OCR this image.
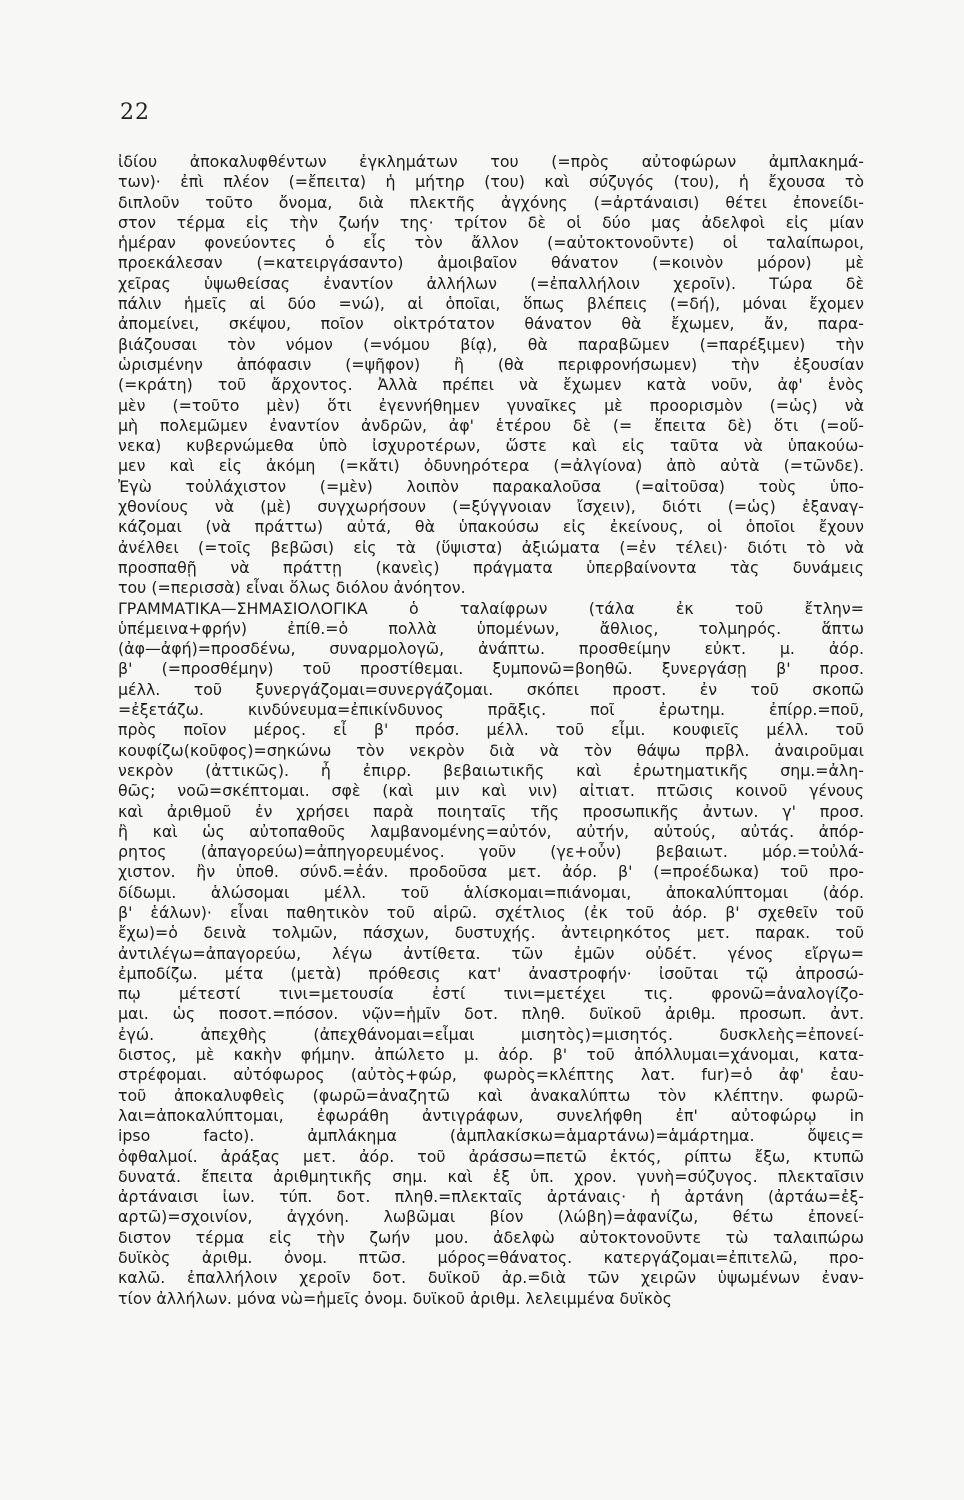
22
ἰδίου ἀποκαλυφθέντων ἐγκλημάτων του (=πρὸς αὐτοφώρων ἀμπλακημά-
των)· ἐπὶ πλέον (=ἔπειτα) ἡ μήτηρ (του) καὶ σύζυγός (του), ἡ ἔχουσα τὸ
διπλοῦν τοῦτο ὄνομα, διὰ πλεκτῆς ἀγχόνης (=ἀρτάναισι) θέτει ἐπονείδι-
στον τέρμα εἰς τὴν ζωήν της· τρίτον δὲ οἱ δύο μας ἀδελφοὶ εἰς μίαν
ἡμέραν φονεύοντες ὁ εἷς τὸν ἄλλον (=αὐτοκτονοῦντε) οἱ ταλαίπωροι,
προεκάλεσαν (=κατειργάσαντο) ἀμοιβαῖον θάνατον (=κοινὸν μόρον) μὲ
χεῖρας ὑψωθείσας ἐναντίον ἀλλήλων (=ἐπαλλήλοιν χεροῖν). Τώρα δὲ
πάλιν ἡμεῖς αἱ δύο =νώ), αἱ ὁποῖαι, ὅπως βλέπεις (=δή), μόναι ἔχομεν
ἀπομείνει, σκέψου, ποῖον οἰκτρότατον θάνατον θὰ ἔχωμεν, ἄν, παρα-
βιάζουσαι τὸν νόμον (=νόμου βίᾳ), θὰ παραβῶμεν (=παρέξιμεν) τὴν
ὡρισμένην ἀπόφασιν (=ψῆφον) ἢ (θὰ περιφρονήσωμεν) τὴν ἐξουσίαν
(=κράτη) τοῦ ἄρχοντος. Ἀλλὰ πρέπει νὰ ἔχωμεν κατὰ νοῦν, ἀφ' ἑνὸς
μὲν (=τοῦτο μὲν) ὅτι ἐγεννήθημεν γυναῖκες μὲ προορισμὸν (=ὡς) νὰ
μὴ πολεμῶμεν ἐναντίον ἀνδρῶν, ἀφ' ἑτέρου δὲ (= ἔπειτα δὲ) ὅτι (=οὕ-
νεκα) κυβερνώμεθα ὑπὸ ἰσχυροτέρων, ὥστε καὶ εἰς ταῦτα νὰ ὑπακούω-
μεν καὶ εἰς ἀκόμη (=κἄτι) ὀδυνηρότερα (=ἀλγίονα) ἀπὸ αὐτὰ (=τῶνδε).
Ἐγὼ τοὐλάχιστον (=μὲν) λοιπὸν παρακαλοῦσα (=αἰτοῦσα) τοὺς ὑπο-
χθονίους νὰ (μὲ) συγχωρήσουν (=ξύγγνοιαν ἴσχειν), διότι (=ὡς) ἐξαναγ-
κάζομαι (νὰ πράττω) αὐτά, θὰ ὑπακούσω εἰς ἐκείνους, οἱ ὁποῖοι ἔχουν
ἀνέλθει (=τοῖς βεβῶσι) εἰς τὰ (ὕψιστα) ἀξιώματα (=ἐν τέλει)· διότι τὸ νὰ
προσπαθῇ νὰ πράττῃ (κανεὶς) πράγματα ὑπερβαίνοντα τὰς δυνάμεις
του (=περισσὰ) εἶναι ὅλως διόλου ἀνόητον.
ΓΡΑΜΜΑΤΙΚΑ—ΣΗΜΑΣΙΟΛΟΓΙΚΑ ὁ ταλαίφρων (τάλα ἐκ τοῦ ἔτλην=
ὑπέμεινα+φρήν) ἐπίθ.=ὁ πολλὰ ὑπομένων, ἄθλιος, τολμηρός. ἅπτω
(ἀφ—ἀφή)=προσδένω, συναρμολογῶ, ἀνάπτω. προσθείμην εὐκτ. μ. ἀόρ.
β' (=προσθέμην) τοῦ προστίθεμαι. ξυμπονῶ=βοηθῶ. ξυνεργάσῃ β' προσ.
μέλλ. τοῦ ξυνεργάζομαι=συνεργάζομαι. σκόπει προστ. ἐν τοῦ σκοπῶ
=ἐξετάζω. κινδύνευμα=ἐπικίνδυνος πρᾶξις. ποῖ ἐρωτημ. ἐπίρρ.=ποῦ,
πρὸς ποῖον μέρος. εἶ β' πρόσ. μέλλ. τοῦ εἶμι. κουφιεῖς μέλλ. τοῦ
κουφίζω(κοῦφος)=σηκώνω τὸν νεκρὸν διὰ νὰ τὸν θάψω πρβλ. ἀναιροῦμαι
νεκρὸν (ἀττικῶς). ἦ ἐπιρρ. βεβαιωτικῆς καὶ ἐρωτηματικῆς σημ.=ἀλη-
θῶς; νοῶ=σκέπτομαι. σφὲ (καὶ μιν καὶ νιν) αἰτιατ. πτῶσις κοινοῦ γένους
καὶ ἀριθμοῦ ἐν χρήσει παρὰ ποιηταῖς τῆς προσωπικῆς ἀντων. γ' προσ.
ἢ καὶ ὡς αὐτοπαθοῦς λαμβανομένης=αὐτόν, αὐτήν, αὐτούς, αὐτάς. ἀπόρ-
ρητος (ἀπαγορεύω)=ἀπηγορευμένος. γοῦν (γε+οὖν) βεβαιωτ. μόρ.=τοὐλά-
χιστον. ἢν ὑποθ. σύνδ.=ἐάν. προδοῦσα μετ. ἀόρ. β' (=προέδωκα) τοῦ προ-
δίδωμι. ἁλώσομαι μέλλ. τοῦ ἁλίσκομαι=πιάνομαι, ἀποκαλύπτομαι (ἀόρ.
β' ἑάλων)· εἶναι παθητικὸν τοῦ αἱρῶ. σχέτλιος (ἐκ τοῦ ἀόρ. β' σχεθεῖν τοῦ
ἔχω)=ὁ δεινὰ τολμῶν, πάσχων, δυστυχής. ἀντειρηκότος μετ. παρακ. τοῦ
ἀντιλέγω=ἀπαγορεύω, λέγω ἀντίθετα. τῶν ἐμῶν οὐδέτ. γένος εἴργω=
ἐμποδίζω. μέτα (μετὰ) πρόθεσις κατ' ἀναστροφήν· ἰσοῦται τῷ ἀπροσώ-
πῳ μέτεστί τινι=μετουσία ἐστί τινι=μετέχει τις. φρονῶ=ἀναλογίζο-
μαι. ὡς ποσοτ.=πόσον. νῷν=ἡμῖν δοτ. πληθ. δυϊκοῦ ἀριθμ. προσωπ. ἀντ.
ἐγώ. ἀπεχθὴς (ἀπεχθάνομαι=εἶμαι μισητὸς)=μισητός. δυσκλεὴς=ἐπονεί-
διστος, μὲ κακὴν φήμην. ἀπώλετο μ. ἀόρ. β' τοῦ ἀπόλλυμαι=χάνομαι, κατα-
στρέφομαι. αὐτόφωρος (αὐτὸς+φώρ, φωρὸς=κλέπτης λατ. fur)=ὁ ἀφ' ἑαυ-
τοῦ ἀποκαλυφθεὶς (φωρῶ=ἀναζητῶ καὶ ἀνακαλύπτω τὸν κλέπτην. φωρῶ-
λαι=ἀποκαλύπτομαι, ἐφωράθη ἀντιγράφων, συνελήφθη ἐπ' αὐτοφώρῳ in
ipso facto). ἀμπλάκημα (ἀμπλακίσκω=ἁμαρτάνω)=ἁμάρτημα. ὄψεις=
ὀφθαλμοί. ἀράξας μετ. ἀόρ. τοῦ ἀράσσω=πετῶ ἐκτός, ρίπτω ἔξω, κτυπῶ
δυνατά. ἔπειτα ἀριθμητικῆς σημ. καὶ ἐξ ὑπ. χρον. γυνὴ=σύζυγος. πλεκταῖσιν
ἀρτάναισι ἰων. τύπ. δοτ. πληθ.=πλεκταῖς ἀρτάναις· ἡ ἀρτάνη (ἀρτάω=ἐξ-
αρτῶ)=σχοινίον, ἀγχόνη. λωβῶμαι βίον (λώβη)=ἀφανίζω, θέτω ἐπονεί-
διστον τέρμα εἰς τὴν ζωήν μου. ἀδελφὼ αὐτοκτονοῦντε τὼ ταλαιπώρω
δυϊκὸς ἀριθμ. ὀνομ. πτῶσ. μόρος=θάνατος. κατεργάζομαι=ἐπιτελῶ, προ-
καλῶ. ἐπαλλήλοιν χεροῖν δοτ. δυϊκοῦ ἀρ.=διὰ τῶν χειρῶν ὑψωμένων ἐναν-
τίον ἀλλήλων. μόνα νὼ=ἡμεῖς ὀνομ. δυϊκοῦ ἀριθμ. λελειμμένα δυϊκὸς
